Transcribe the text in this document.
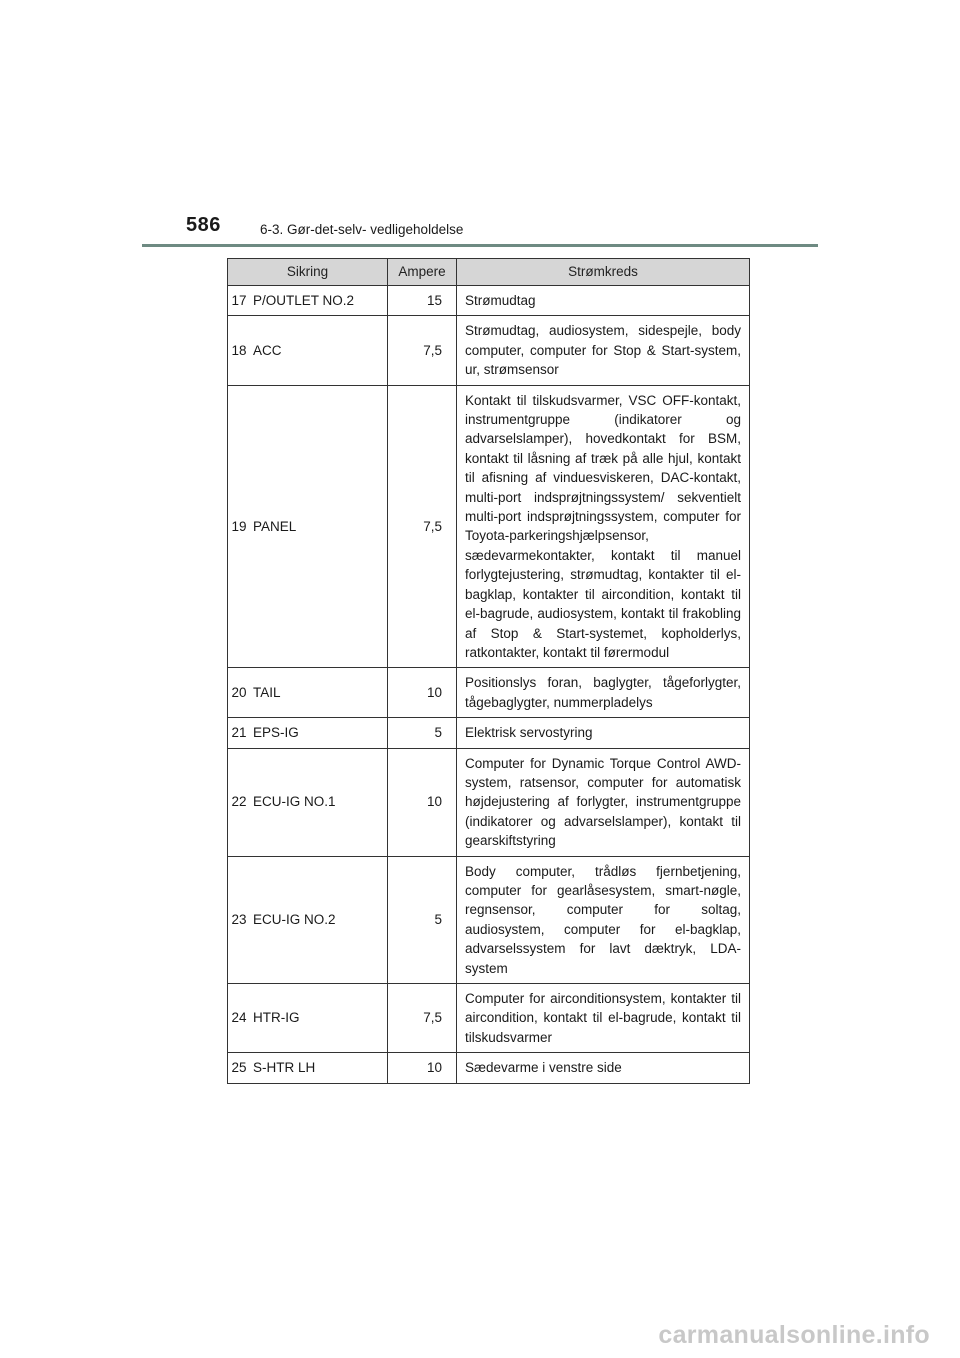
586	6-3. Gør-det-selv- vedligeholdelse
Sikring		Ampere	Strømkreds
17	P/OUTLET NO.2	15	Strømudtag
18	ACC	7,5	Strømudtag, audiosystem, sidespejle, body computer, computer for Stop & Start-system, ur, strømsensor
19	PANEL	7,5	Kontakt til tilskudsvarmer, VSC OFF-kontakt, instrumentgruppe (indikatorer og advarselslamper), hovedkontakt for BSM, kontakt til låsning af træk på alle hjul, kontakt til afisning af vinduesviskeren, DAC-kontakt, multi-port indsprøjtningssystem/ sekventielt multi-port indsprøjtningssystem, computer for Toyota-parkeringshjælpsensor, sædevarmekontakter, kontakt til manuel forlygtejustering, strømudtag, kontakter til el-bagklap, kontakter til aircondition, kontakt til el-bagrude, audiosystem, kontakt til frakobling af Stop & Start-systemet, kopholderlys, ratkontakter, kontakt til førermodul
20	TAIL	10	Positionslys foran, baglygter, tågeforlygter, tågebaglygter, nummerpladelys
21	EPS-IG	5	Elektrisk servostyring
22	ECU-IG NO.1	10	Computer for Dynamic Torque Control AWD-system, ratsensor, computer for automatisk højdejustering af forlygter, instrumentgruppe (indikatorer og advarselslamper), kontakt til gearskiftstyring
23	ECU-IG NO.2	5	Body computer, trådløs fjernbetjening, computer for gearlåsesystem, smart-nøgle, regnsensor, computer for soltag, audiosystem, computer for el-bagklap, advarselssystem for lavt dæktryk, LDA-system
24	HTR-IG	7,5	Computer for airconditionsystem, kontakter til aircondition, kontakt til el-bagrude, kontakt til tilskudsvarmer
25	S-HTR LH	10	Sædevarme i venstre side
carmanualsonline.info
